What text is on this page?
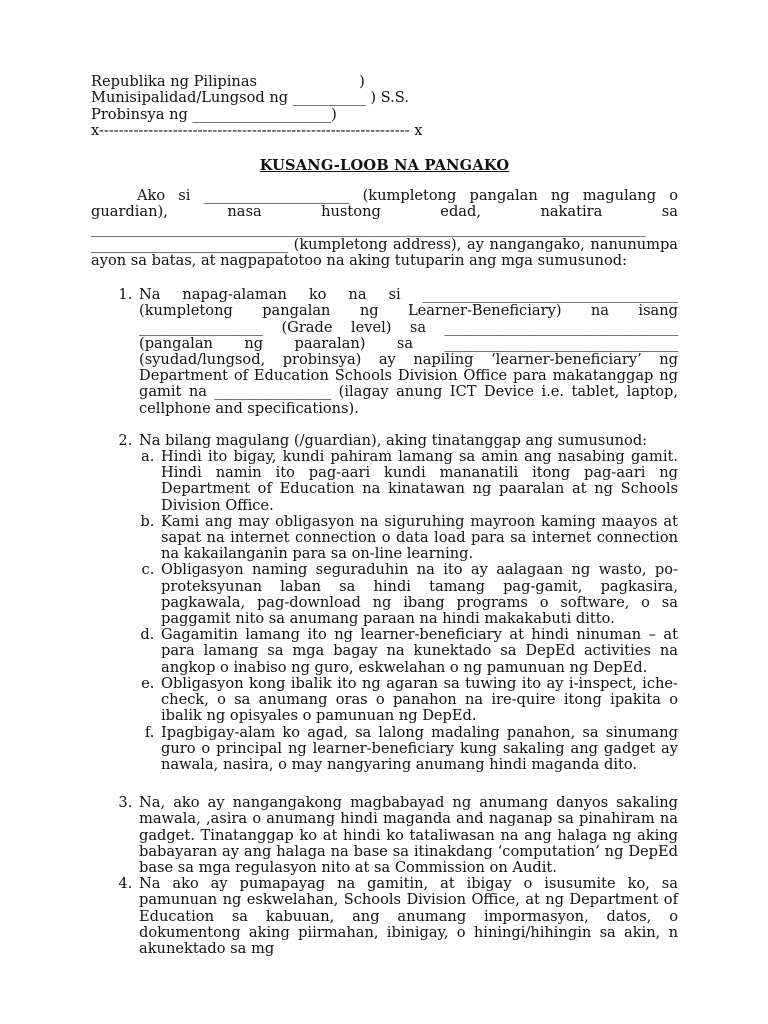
Republika ng Pilipinas                      )
Munisipalidad/Lungsod ng __________ ) S.S.
Probinsya ng ___________________)
x--------------------------------------------------------------- x
KUSANG-LOOB NA PANGAKO
Ako si ____________________ (kumpletong pangalan ng magulang o guardian), nasa hustong edad, nakatira sa ____________________________________________________________________________ ___________________________ (kumpletong address), ay nangangako, nanunumpa ayon sa batas, at nagpapatotoo na aking tutuparin ang mga sumusunod:
1. Na napag-alaman ko na si ___________________________________ (kumpletong pangalan ng Learner-Beneficiary) na isang _________________ (Grade level) sa ________________________________ (pangalan ng paaralan) sa ________________________________ (syudad/lungsod, probinsya) ay napiling ‘learner-beneficiary’ ng Department of Education Schools Division Office para makatanggap ng gamit na ________________ (ilagay anung ICT Device i.e. tablet, laptop, cellphone and specifications).
2. Na bilang magulang (/guardian), aking tinatanggap ang sumusunod:
a. Hindi ito bigay, kundi pahiram lamang sa amin ang nasabing gamit. Hindi namin ito pag-aari kundi mananatili itong pag-aari ng Department of Education na kinatawan ng paaralan at ng Schools Division Office.
b. Kami ang may obligasyon na siguruhing mayroon kaming maayos at sapat na internet connection o data load para sa internet connection na kakailanganin para sa on-line learning.
c. Obligasyon naming seguraduhin na ito ay aalagaan ng wasto, po-proteksyunan laban sa hindi tamang pag-gamit, pagkasira, pagkawala, pag-download ng ibang programs o software, o sa paggamit nito sa anumang paraan na hindi makakabuti ditto.
d. Gagamitin lamang ito ng learner-beneficiary at hindi ninuman – at para lamang sa mga bagay na kunektado sa DepEd activities na angkop o inabiso ng guro, eskwelahan o ng pamunuan ng DepEd.
e. Obligasyon kong ibalik ito ng agaran sa tuwing ito ay i-inspect, iche-check, o sa anumang oras o panahon na ire-quire itong ipakita o ibalik ng opisyales o pamunuan ng DepEd.
f. Ipagbigay-alam ko agad, sa lalong madaling panahon, sa sinumang guro o principal ng learner-beneficiary kung sakaling ang gadget ay nawala, nasira, o may nangyaring anumang hindi maganda dito.
3. Na, ako ay nangangakong magbabayad ng anumang danyos sakaling mawala, ,asira o anumang hindi maganda and naganap sa pinahiram na gadget. Tinatanggap ko at hindi ko tataliwasan na ang halaga ng aking babayaran ay ang halaga na base sa itinakdang ‘computation’ ng DepEd base sa mga regulasyon nito at sa Commission on Audit.
4. Na ako ay pumapayag na gamitin, at ibigay o isusumite ko, sa pamunuan ng eskwelahan, Schools Division Office, at ng Department of Education sa kabuuan, ang anumang impormasyon, datos, o dokumentong aking piirmahan, ibinigay, o hiningi/hihingin sa akin, n akunektado sa mg
